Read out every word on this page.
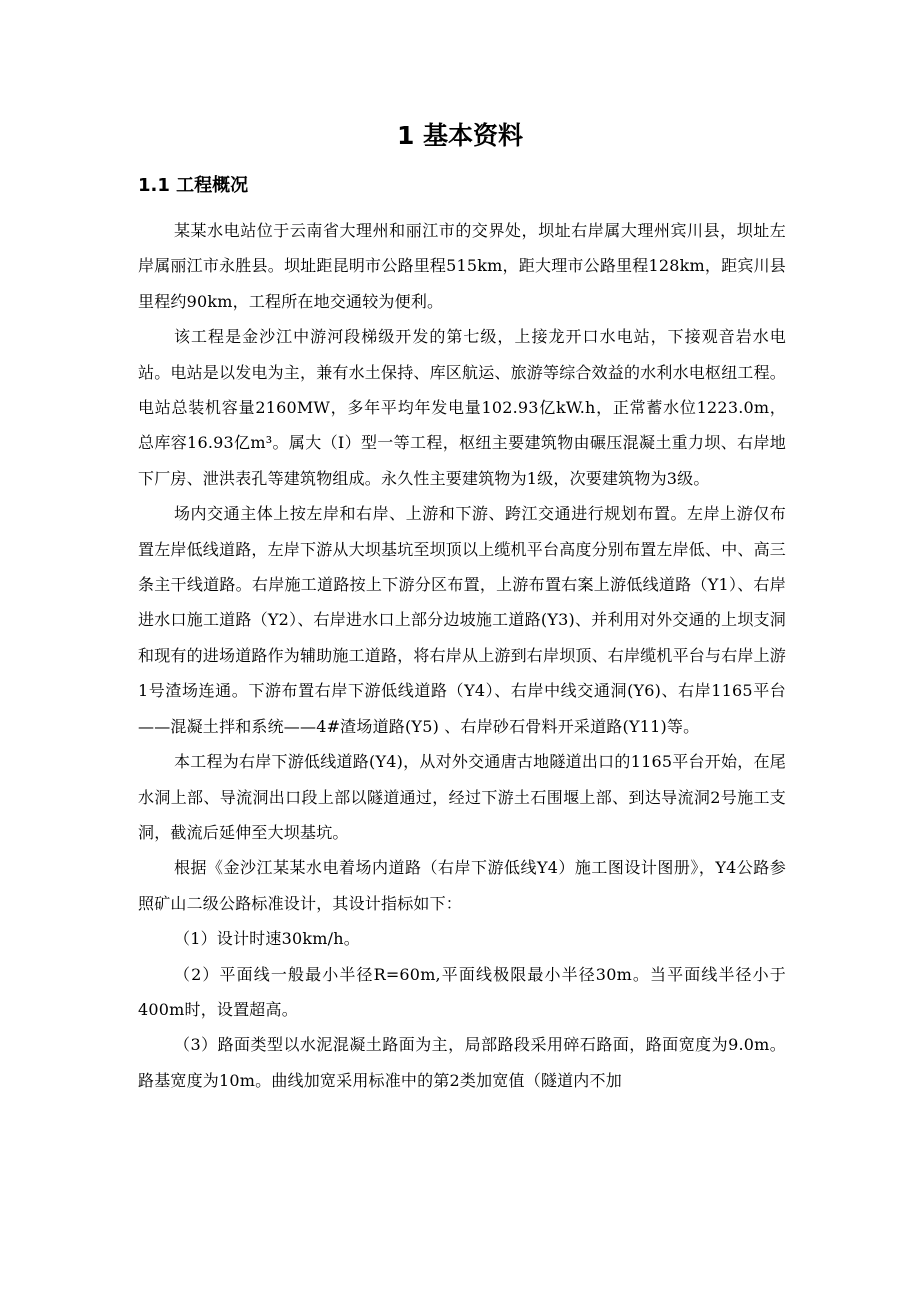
1 基本资料
1.1 工程概况

某某水电站位于云南省大理州和丽江市的交界处，坝址右岸属大理州宾川县，坝址左岸属丽江市永胜县。坝址距昆明市公路里程515km，距大理市公路里程128km，距宾川县里程约90km，工程所在地交通较为便利。

该工程是金沙江中游河段梯级开发的第七级，上接龙开口水电站，下接观音岩水电站。电站是以发电为主，兼有水土保持、库区航运、旅游等综合效益的水利水电枢纽工程。电站总装机容量2160MW，多年平均年发电量102.93亿kW.h，正常蓄水位1223.0m，总库容16.93亿m³。属大（Ⅰ）型一等工程，枢纽主要建筑物由碾压混凝土重力坝、右岸地下厂房、泄洪表孔等建筑物组成。永久性主要建筑物为1级，次要建筑物为3级。

场内交通主体上按左岸和右岸、上游和下游、跨江交通进行规划布置。左岸上游仅布置左岸低线道路，左岸下游从大坝基坑至坝顶以上缆机平台高度分别布置左岸低、中、高三条主干线道路。右岸施工道路按上下游分区布置，上游布置右案上游低线道路（Y1）、右岸进水口施工道路（Y2）、右岸进水口上部分边坡施工道路(Y3)、并利用对外交通的上坝支洞和现有的进场道路作为辅助施工道路，将右岸从上游到右岸坝顶、右岸缆机平台与右岸上游1号渣场连通。下游布置右岸下游低线道路（Y4）、右岸中线交通洞(Y6)、右岸1165平台——混凝土拌和系统——4#渣场道路(Y5) 、右岸砂石骨料开采道路(Y11)等。

本工程为右岸下游低线道路(Y4)，从对外交通唐古地隧道出口的1165平台开始，在尾水洞上部、导流洞出口段上部以隧道通过，经过下游土石围堰上部、到达导流洞2号施工支洞，截流后延伸至大坝基坑。

根据《金沙江某某水电着场内道路（右岸下游低线Y4）施工图设计图册》，Y4公路参照矿山二级公路标准设计，其设计指标如下：

（1）设计时速30km/h。

（2）平面线一般最小半径R=60m,平面线极限最小半径30m。当平面线半径小于400m时，设置超高。

（3）路面类型以水泥混凝土路面为主，局部路段采用碎石路面，路面宽度为9.0m。路基宽度为10m。曲线加宽采用标准中的第2类加宽值（隧道内不加
